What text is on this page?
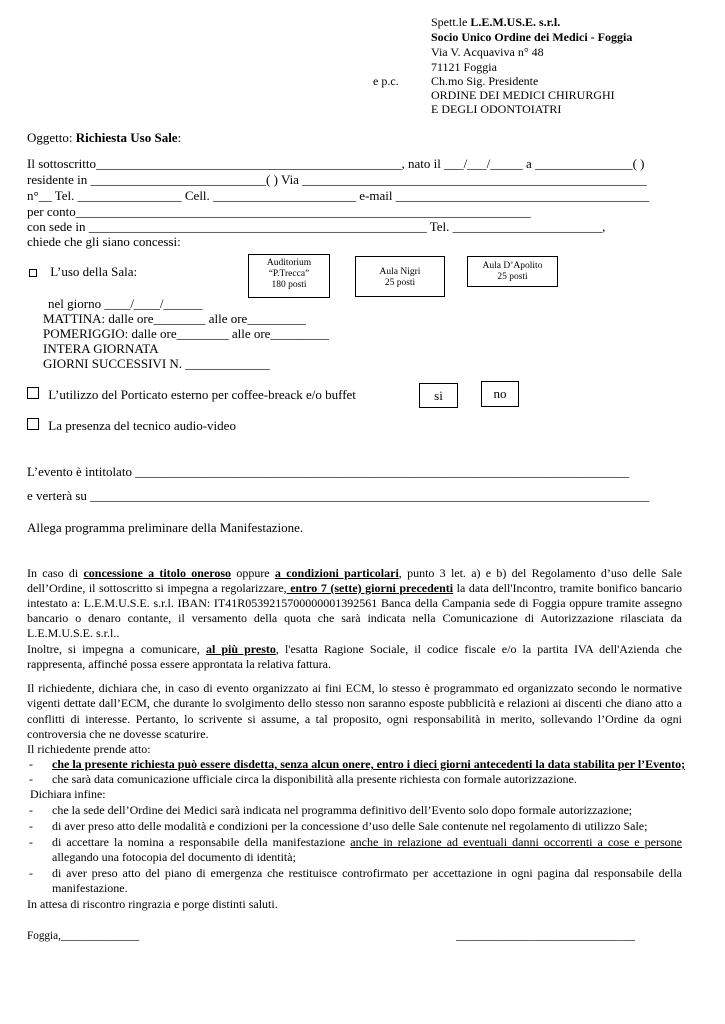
Spett.le L.E.M.US.E. s.r.l.
Socio Unico Ordine dei Medici - Foggia
Via V. Acquaviva n° 48
71121 Foggia
e p.c.	Ch.mo Sig. Presidente
ORDINE DEI MEDICI CHIRURGHI
E DEGLI ODONTOIATRI
Oggetto: Richiesta Uso Sale:
Il sottoscritto_______________________________________________, nato il ___/___/_____ a _______________( )
residente in ___________________________( ) Via _____________________________________________________
n°__ Tel. ________________ Cell. ______________________ e-mail _______________________________________
per conto______________________________________________________________________
con sede in ____________________________________________________ Tel. _______________________,
chiede che gli siano concessi:
L’uso della Sala:
Auditorium
“P.Trecca”
180 posti
Aula Nigri
25 posti
Aula D’Apolito
25 posti
nel giorno ____/____/______
MATTINA: dalle ore________ alle ore_________
POMERIGGIO: dalle ore________ alle ore_________
INTERA GIORNATA
GIORNI SUCCESSIVI N. _____________
L’utilizzo del Porticato esterno per coffee-breack e/o buffet	si	no
La presenza del tecnico audio-video
L’evento è intitolato ____________________________________________________________________________
e verterà su ______________________________________________________________________________________
Allega programma preliminare della Manifestazione.
In caso di concessione a titolo oneroso oppure a condizioni particolari, punto 3 let. a) e b) del Regolamento d’uso delle Sale dell’Ordine, il sottoscritto si impegna a regolarizzare, entro 7 (sette) giorni precedenti la data dell'Incontro, tramite bonifico bancario intestato a: L.E.M.U.S.E. s.r.l. IBAN: IT41R0539215700000001392561 Banca della Campania sede di Foggia oppure tramite assegno bancario o denaro contante, il versamento della quota che sarà indicata nella Comunicazione di Autorizzazione rilasciata da L.E.M.U.S.E. s.r.l..
Inoltre, si impegna a comunicare, al più presto, l'esatta Ragione Sociale, il codice fiscale e/o la partita IVA dell'Azienda che rappresenta, affinché possa essere approntata la relativa fattura.
Il richiedente, dichiara che, in caso di evento organizzato ai fini ECM, lo stesso è programmato ed organizzato secondo le normative vigenti dettate dall’ECM, che durante lo svolgimento dello stesso non saranno esposte pubblicità e relazioni ai discenti che diano atto a conflitti di interesse. Pertanto, lo scrivente si assume, a tal proposito, ogni responsabilità in merito, sollevando l’Ordine da ogni controversia che ne dovesse scaturire.
Il richiedente prende atto:
- che la presente richiesta può essere disdetta, senza alcun onere, entro i dieci giorni antecedenti la data stabilita per l’Evento;
- che sarà data comunicazione ufficiale circa la disponibilità alla presente richiesta con formale autorizzazione.
Dichiara infine:
- che la sede dell’Ordine dei Medici sarà indicata nel programma definitivo dell’Evento solo dopo formale autorizzazione;
- di aver preso atto delle modalità e condizioni per la concessione d’uso delle Sale contenute nel regolamento di utilizzo Sale;
- di accettare la nomina a responsabile della manifestazione anche in relazione ad eventuali danni occorrenti a cose e persone allegando una fotocopia del documento di identità;
- di aver preso atto del piano di emergenza che restituisce controfirmato per accettazione in ogni pagina dal responsabile della manifestazione.
In attesa di riscontro ringrazia e porge distinti saluti.
Foggia,______________	________________________________
